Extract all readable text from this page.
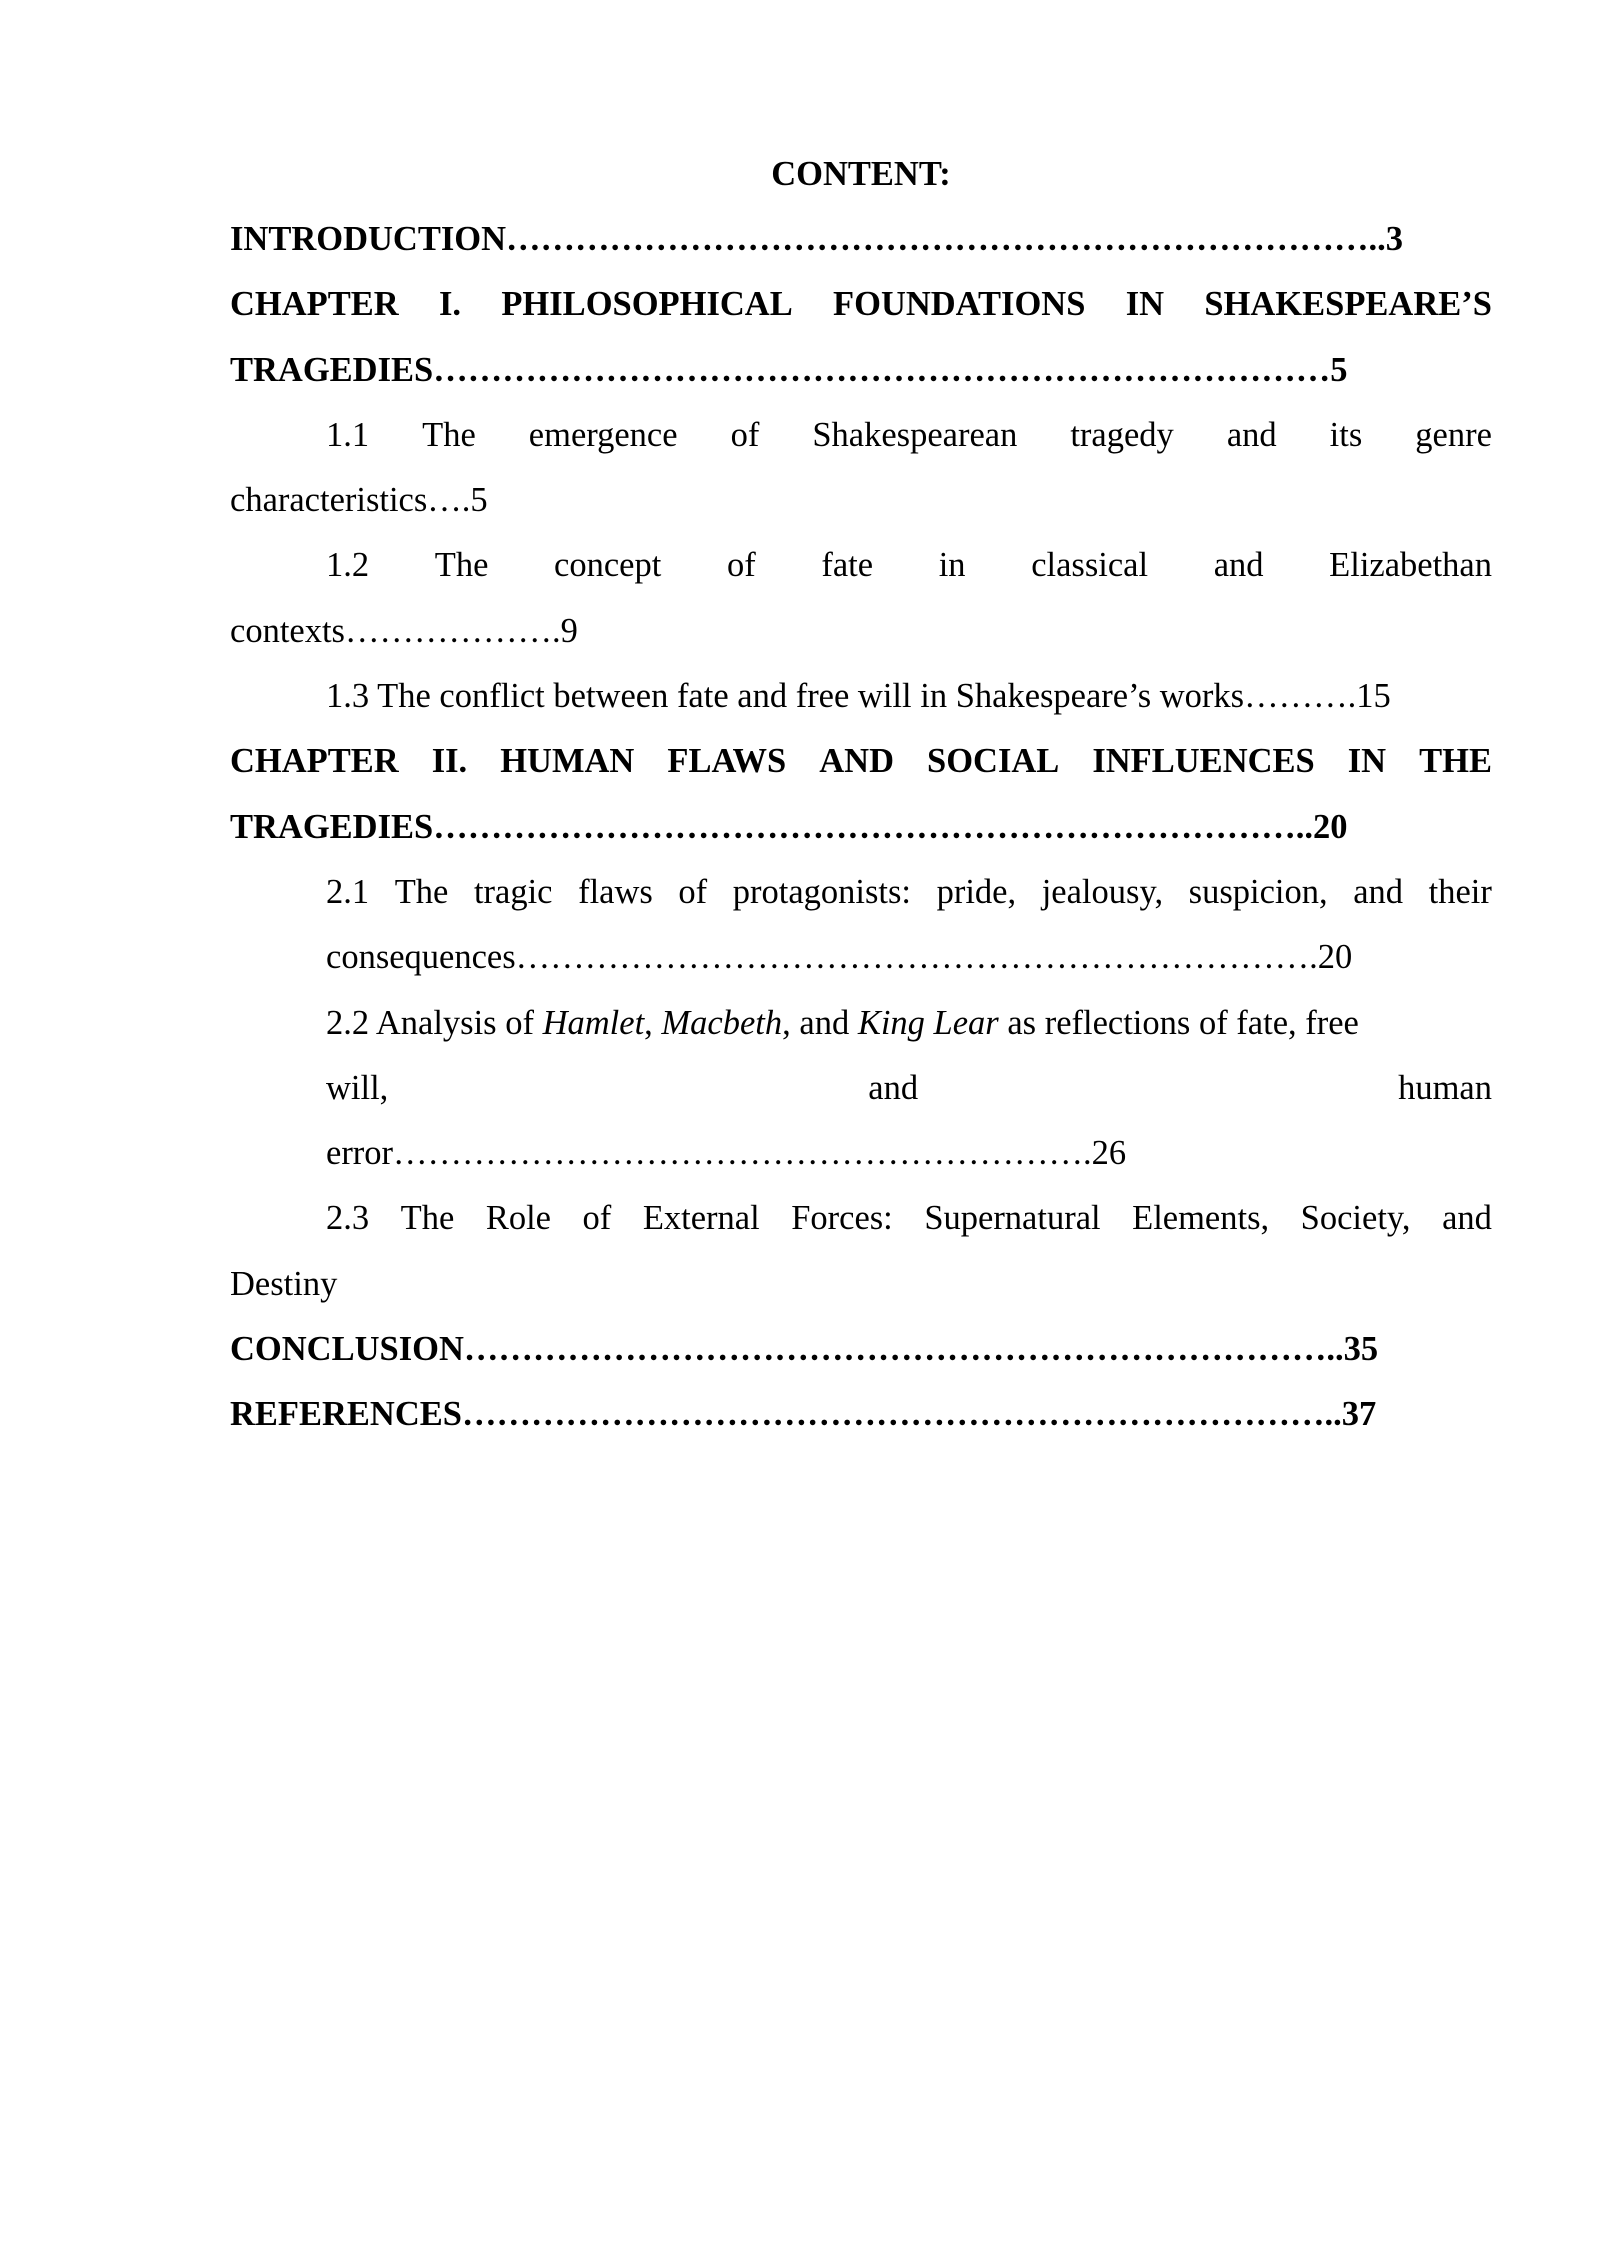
CONTENT:
INTRODUCTION…………………………………………………………………..3
CHAPTER I. PHILOSOPHICAL FOUNDATIONS IN SHAKESPEARE’S
TRAGEDIES……………………………………………………………………5
1.1 The emergence of Shakespearean tragedy and its genre
characteristics….5
1.2 The concept of fate in classical and Elizabethan
contexts……………….9
1.3 The conflict between fate and free will in Shakespeare’s works……….15
CHAPTER II. HUMAN FLAWS AND SOCIAL INFLUENCES IN THE
TRAGEDIES…………………………………………………………………..20
2.1 The tragic flaws of protagonists: pride, jealousy, suspicion, and their
consequences…………………………………………………………….20
2.2 Analysis of Hamlet, Macbeth, and King Lear as reflections of fate, free
will,	and	human
error…………………………………………………….26
2.3 The Role of External Forces: Supernatural Elements, Society, and
Destiny
CONCLUSION…………………………………………………………………..35
REFERENCES…………………………………………………………………..37
